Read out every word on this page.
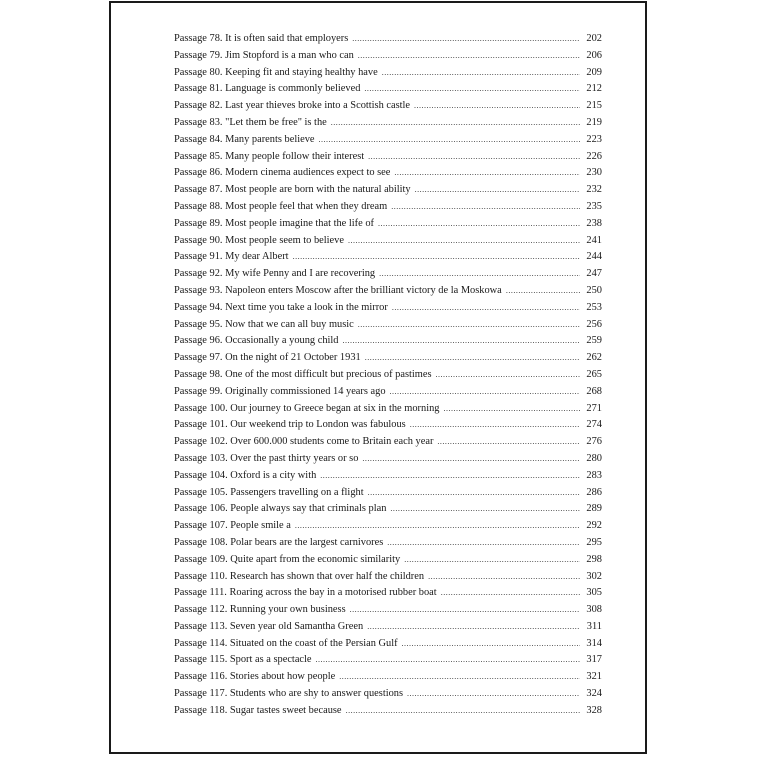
Passage 78. It is often said that employers .....	202
Passage 79. Jim Stopford is a man who can .....	206
Passage 80. Keeping fit and staying healthy have .....	209
Passage 81. Language is commonly believed .....	212
Passage 82. Last year thieves broke into a Scottish castle .....	215
Passage 83. "Let them be free" is the .....	219
Passage 84. Many parents believe .....	223
Passage 85. Many people follow their interest .....	226
Passage 86. Modern cinema audiences expect to see .....	230
Passage 87. Most people are born with the natural ability .....	232
Passage 88. Most people feel that when they dream .....	235
Passage 89. Most people imagine that the life of .....	238
Passage 90. Most people seem to believe .....	241
Passage 91. My dear Albert .....	244
Passage 92. My wife Penny and I are recovering .....	247
Passage 93. Napoleon enters Moscow after the brilliant victory de la Moskowa .....	250
Passage 94. Next time you take a look in the mirror .....	253
Passage 95. Now that we can all buy music .....	256
Passage 96. Occasionally a young child .....	259
Passage 97. On the night of 21 October 1931 .....	262
Passage 98. One of the most difficult but precious of pastimes .....	265
Passage 99. Originally commissioned 14 years ago .....	268
Passage 100. Our journey to Greece began at six in the morning .....	271
Passage 101. Our weekend trip to London was fabulous .....	274
Passage 102. Over 600.000 students come to Britain each year .....	276
Passage 103. Over the past thirty years or so .....	280
Passage 104. Oxford is a city with .....	283
Passage 105. Passengers travelling on a flight .....	286
Passage 106. People always say that criminals plan .....	289
Passage 107. People smile a .....	292
Passage 108. Polar bears are the largest carnivores .....	295
Passage 109. Quite apart from the economic similarity .....	298
Passage 110. Research has shown that over half the children .....	302
Passage 111. Roaring across the bay in a motorised rubber boat .....	305
Passage 112. Running your own business .....	308
Passage 113. Seven year old Samantha Green .....	311
Passage 114. Situated on the coast of the Persian Gulf .....	314
Passage 115. Sport as a spectacle .....	317
Passage 116. Stories about how people .....	321
Passage 117. Students who are shy to answer questions .....	324
Passage 118. Sugar tastes sweet because .....	328
